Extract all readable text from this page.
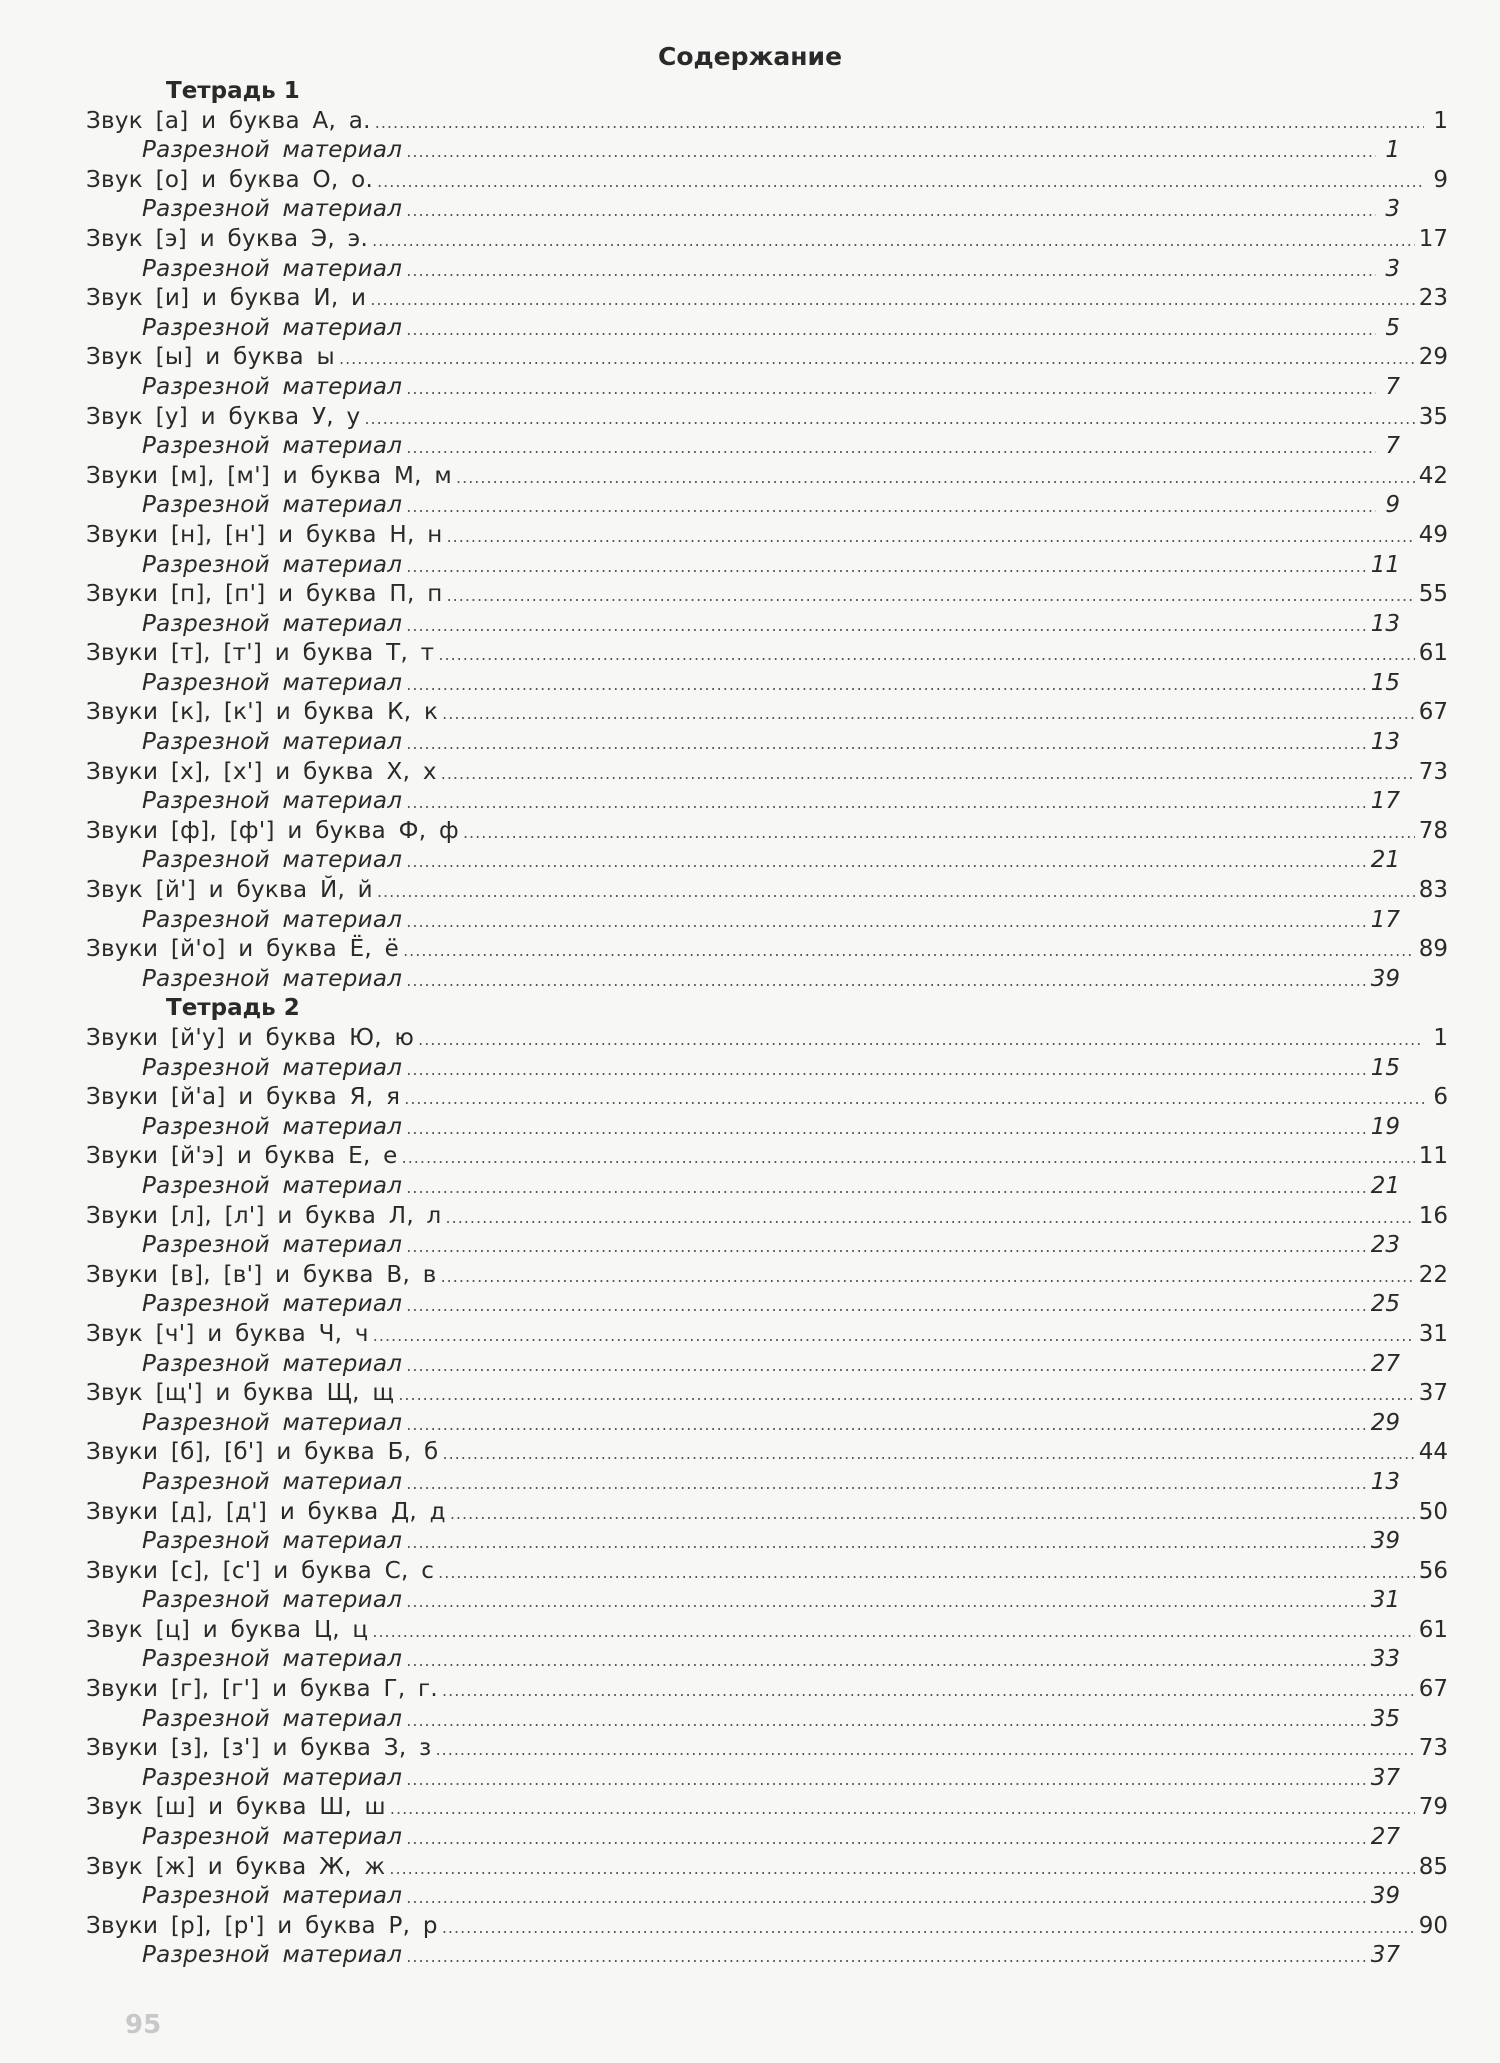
Содержание
Тетрадь 1
Звук [а] и буква А, а. .....	1
Разрезной материал .....	1
Звук [о] и буква О, о. .....	9
Разрезной материал .....	3
Звук [э] и буква Э, э. .....	17
Разрезной материал .....	3
Звук [и] и буква И, и .....	23
Разрезной материал .....	5
Звук [ы] и буква ы .....	29
Разрезной материал .....	7
Звук [у] и буква У, у .....	35
Разрезной материал .....	7
Звуки [м], [м'] и буква М, м .....	42
Разрезной материал .....	9
Звуки [н], [н'] и буква Н, н .....	49
Разрезной материал .....	11
Звуки [п], [п'] и буква П, п .....	55
Разрезной материал .....	13
Звуки [т], [т'] и буква Т, т .....	61
Разрезной материал .....	15
Звуки [к], [к'] и буква К, к .....	67
Разрезной материал .....	13
Звуки [х], [х'] и буква Х, х .....	73
Разрезной материал .....	17
Звуки [ф], [ф'] и буква Ф, ф .....	78
Разрезной материал .....	21
Звук [й'] и буква Й, й .....	83
Разрезной материал .....	17
Звуки [й'о] и буква Ё, ё .....	89
Разрезной материал .....	39
Тетрадь 2
Звуки [й'у] и буква Ю, ю .....	1
Разрезной материал .....	15
Звуки [й'а] и буква Я, я .....	6
Разрезной материал .....	19
Звуки [й'э] и буква Е, е .....	11
Разрезной материал .....	21
Звуки [л], [л'] и буква Л, л .....	16
Разрезной материал .....	23
Звуки [в], [в'] и буква В, в .....	22
Разрезной материал .....	25
Звук [ч'] и буква Ч, ч .....	31
Разрезной материал .....	27
Звук [щ'] и буква Щ, щ .....	37
Разрезной материал .....	29
Звуки [б], [б'] и буква Б, б .....	44
Разрезной материал .....	13
Звуки [д], [д'] и буква Д, д .....	50
Разрезной материал .....	39
Звуки [с], [с'] и буква С, с .....	56
Разрезной материал .....	31
Звук [ц] и буква Ц, ц .....	61
Разрезной материал .....	33
Звуки [г], [г'] и буква Г, г. .....	67
Разрезной материал .....	35
Звуки [з], [з'] и буква З, з .....	73
Разрезной материал .....	37
Звук [ш] и буква Ш, ш .....	79
Разрезной материал .....	27
Звук [ж] и буква Ж, ж .....	85
Разрезной материал .....	39
Звуки [р], [р'] и буква Р, р .....	90
Разрезной материал .....	37
95
